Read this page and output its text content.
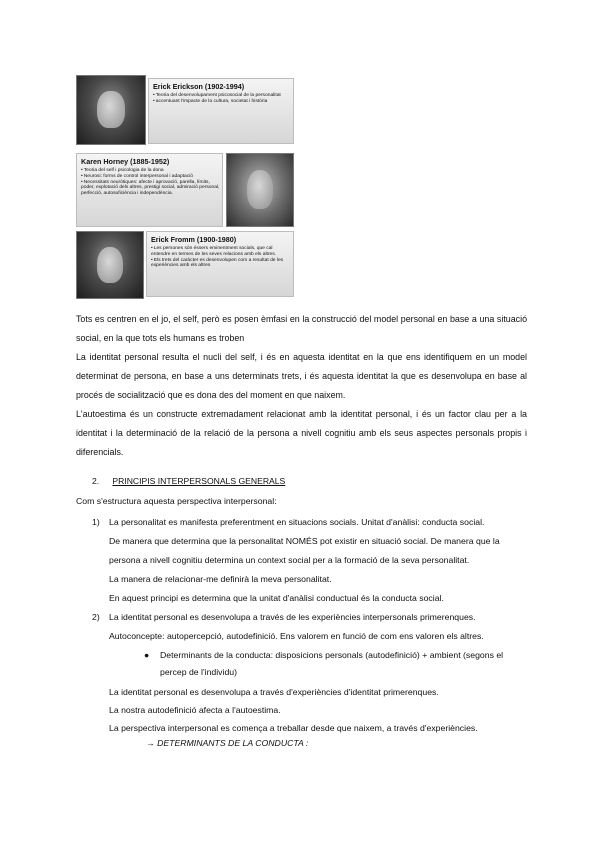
Erick Erickson (1902-1994)
• Teoria del desenvolupament psicosocial de la personalitat
• accentuant l'impacte de la cultura, societat i història
Karen Horney (1885-1952)
• Teoria del self i psicologia de la dona
• Neurosi: forms de control interpersonal i adaptació
• Necessitats neuròtiques: afecte i aprovació, parella, límits, poder, explotació dels altres, prestigi social, admiració personal, perfecció, autosuficiència i independència.
Erick Fromm (1900-1980)
• Les persones són éssers eminentment socials, que cal entendre en termes de les seves relacions amb els altres.
• Els trets del caràcter es desenvolupen com a resultat de les experiències amb els altres
Tots es centren en el jo, el self, però es posen èmfasi en la construcció del model personal en base a una situació social, en la que tots els humans es troben
La identitat personal resulta el nucli del self, i és en aquesta identitat en la que ens identifiquem en un model determinat de persona, en base a uns determinats trets, i és aquesta identitat la que es desenvolupa en base al procés de socialització que es dona des del moment en que naixem.
L'autoestima és un constructe extremadament relacionat amb la identitat personal, i és un factor clau per a la identitat i la determinació de la relació de la persona a nivell cognitiu amb els seus aspectes personals propis i diferencials.
2. PRINCIPIS INTERPERSONALS GENERALS
Com s'estructura aquesta perspectiva interpersonal:
1) La personalitat es manifesta preferentment en situacions socials. Unitat d'anàlisi: conducta social.
De manera que determina que la personalitat NOMÉS pot existir en situació social. De manera que la
persona a nivell cognitiu determina un context social per a la formació de la seva personalitat.
La manera de relacionar-me definirà la meva personalitat.
En aquest principi es determina que la unitat d'anàlisi conductual és la conducta social.
2) La identitat personal es desenvolupa a través de les experiències interpersonals primerenques.
Autoconcepte: autopercepció, autodefinició. Ens valorem en funció de com ens valoren els altres.
● Determinants de la conducta: disposicions personals (autodefinició) + ambient (segons el
percep de l'individu)
La identitat personal es desenvolupa a través d'experiències d'identitat primerenques.
La nostra autodefinició afecta a l'autoestima.
La perspectiva interpersonal es comença a treballar desde que naixem, a través d'experiències.
→ DETERMINANTS DE LA CONDUCTA :
